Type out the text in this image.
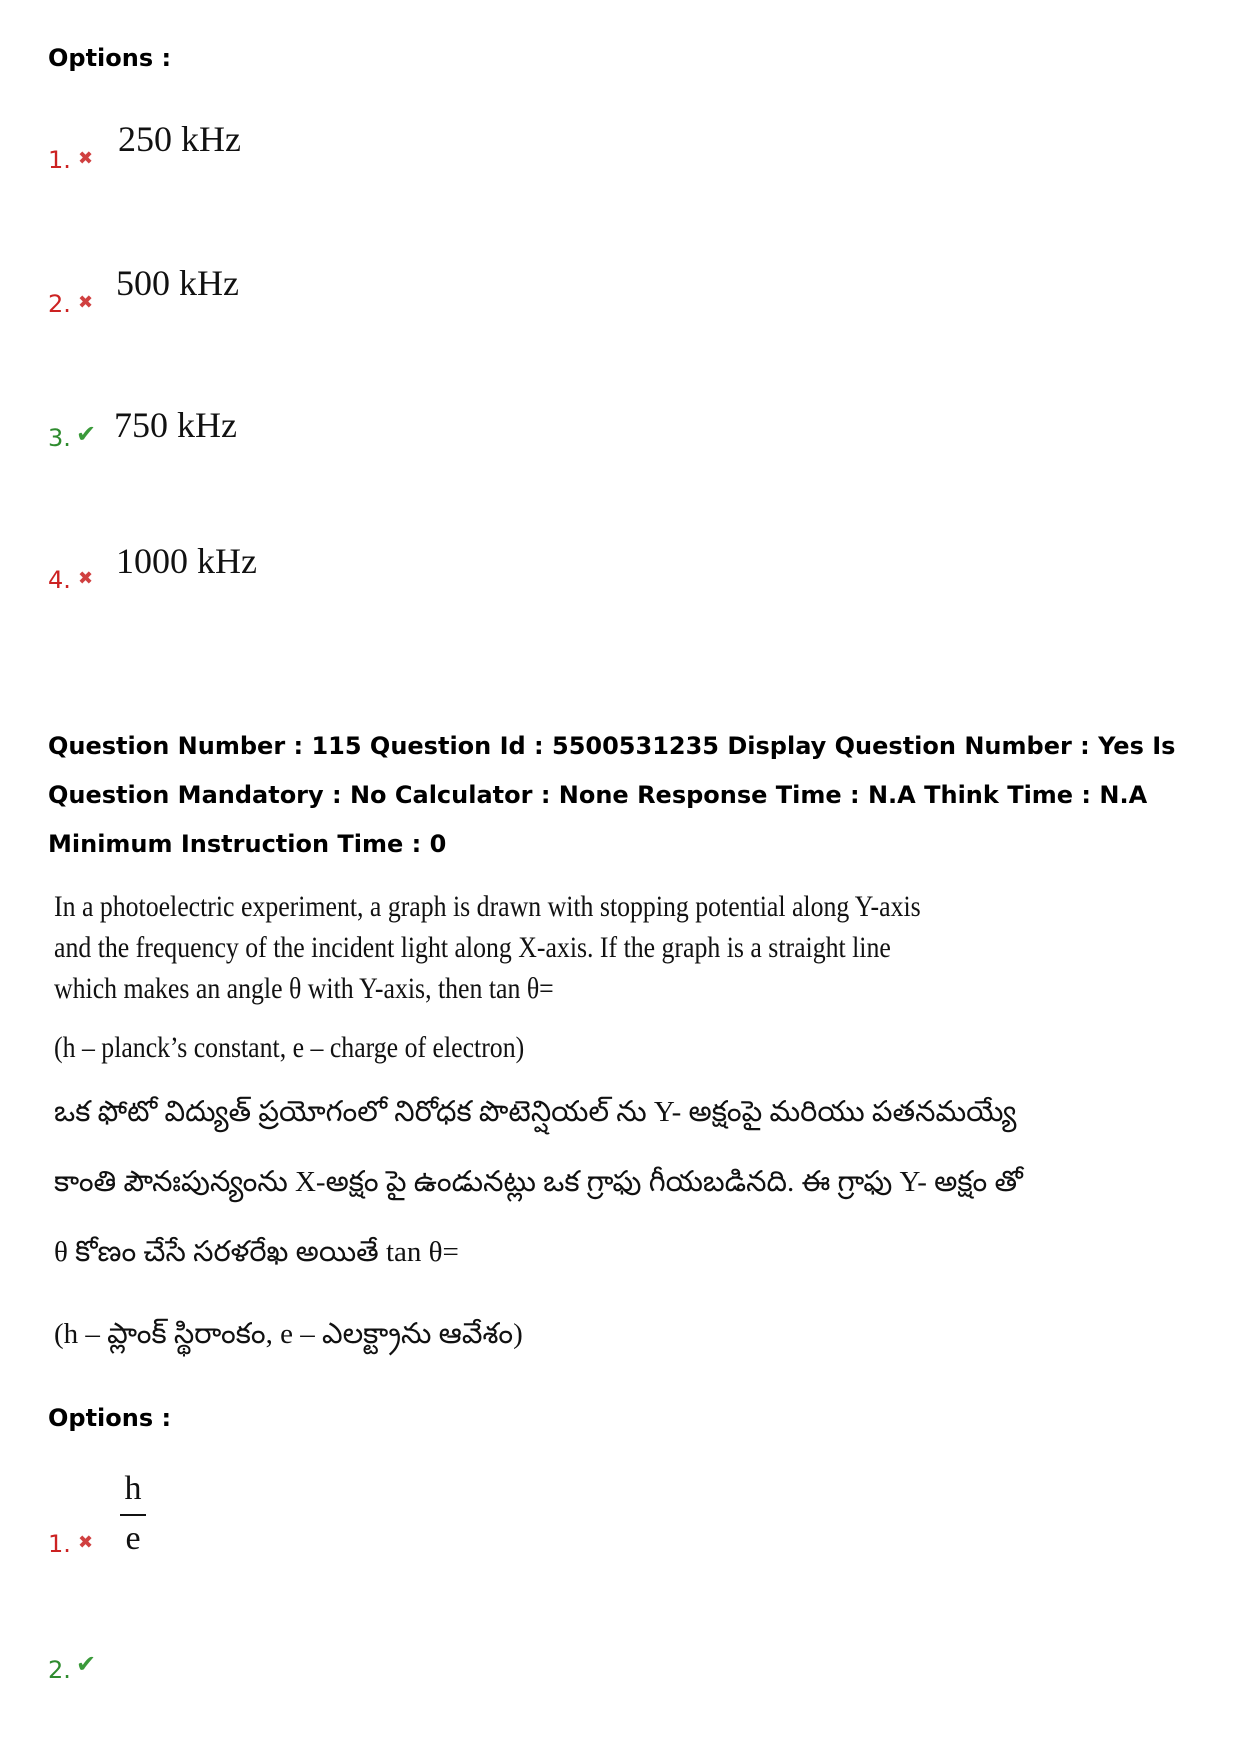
Options :
1. ✖ 250 kHz
2. ✖ 500 kHz
3. ✔ 750 kHz
4. ✖ 1000 kHz
Question Number : 115 Question Id : 5500531235 Display Question Number : Yes Is Question Mandatory : No Calculator : None Response Time : N.A Think Time : N.A Minimum Instruction Time : 0
In a photoelectric experiment, a graph is drawn with stopping potential along Y-axis
and the frequency of the incident light along X-axis. If the graph is a straight line
which makes an angle θ with Y-axis, then tan θ=
(h – planck’s constant, e – charge of electron)
ఒక ఫోటో విద్యుత్ ప్రయోగంలో నిరోధక పొటెన్షియల్ ను Y- అక్షంపై మరియు పతనమయ్యే
కాంతి పౌనఃపున్యంను X-అక్షం పై ఉండునట్లు ఒక గ్రాఫు గీయబడినది. ఈ గ్రాఫు Y- అక్షం తో
θ కోణం చేసే సరళరేఖ అయితే tan θ=
(h – ప్లాంక్ స్థిరాంకం, e – ఎలక్ట్రాను ఆవేశం)
Options :
1. ✖
h
e
2. ✔
